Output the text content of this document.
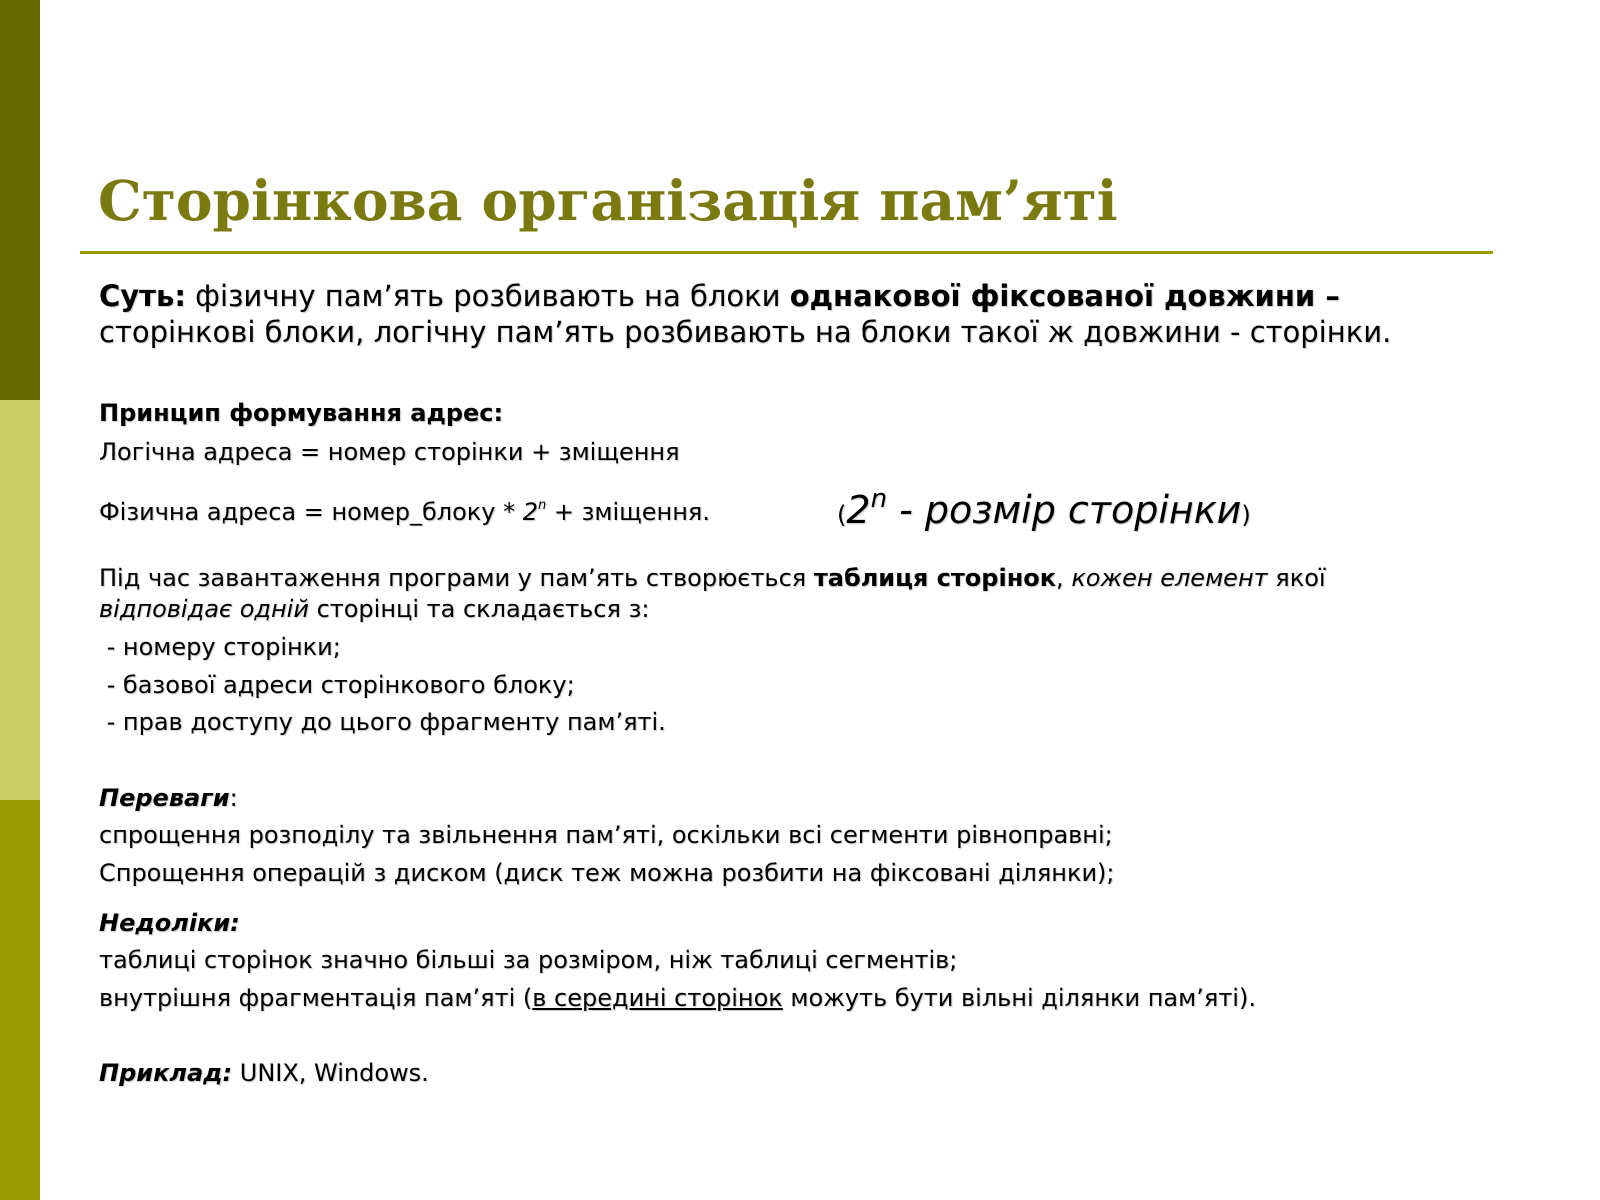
Сторінкова організація пам’яті
Суть: фізичну пам’ять розбивають на блоки однакової фіксованої довжини –
сторінкові блоки, логічну пам’ять розбивають на блоки такої ж довжини - сторінки.
Принцип формування адрес:
Логічна адреса = номер сторінки + зміщення
Фізична адреса = номер_блоку * $2^n$ + зміщення.	(2$^n$ - розмір сторінки)
Під час завантаження програми у пам’ять створюється таблиця сторінок, кожен елемент якої
відповідає одній сторінці та складається з:
- номеру сторінки;
- базової адреси сторінкового блоку;
- прав доступу до цього фрагменту пам’яті.
Переваги:
спрощення розподілу та звільнення пам’яті, оскільки всі сегменти рівноправні;
Спрощення операцій з диском (диск теж можна розбити на фіксовані ділянки);
Недоліки:
таблиці сторінок значно більші за розміром, ніж таблиці сегментів;
внутрішня фрагментація пам’яті (в середині сторінок можуть бути вільні ділянки пам’яті).
Приклад: UNIX, Windows.
